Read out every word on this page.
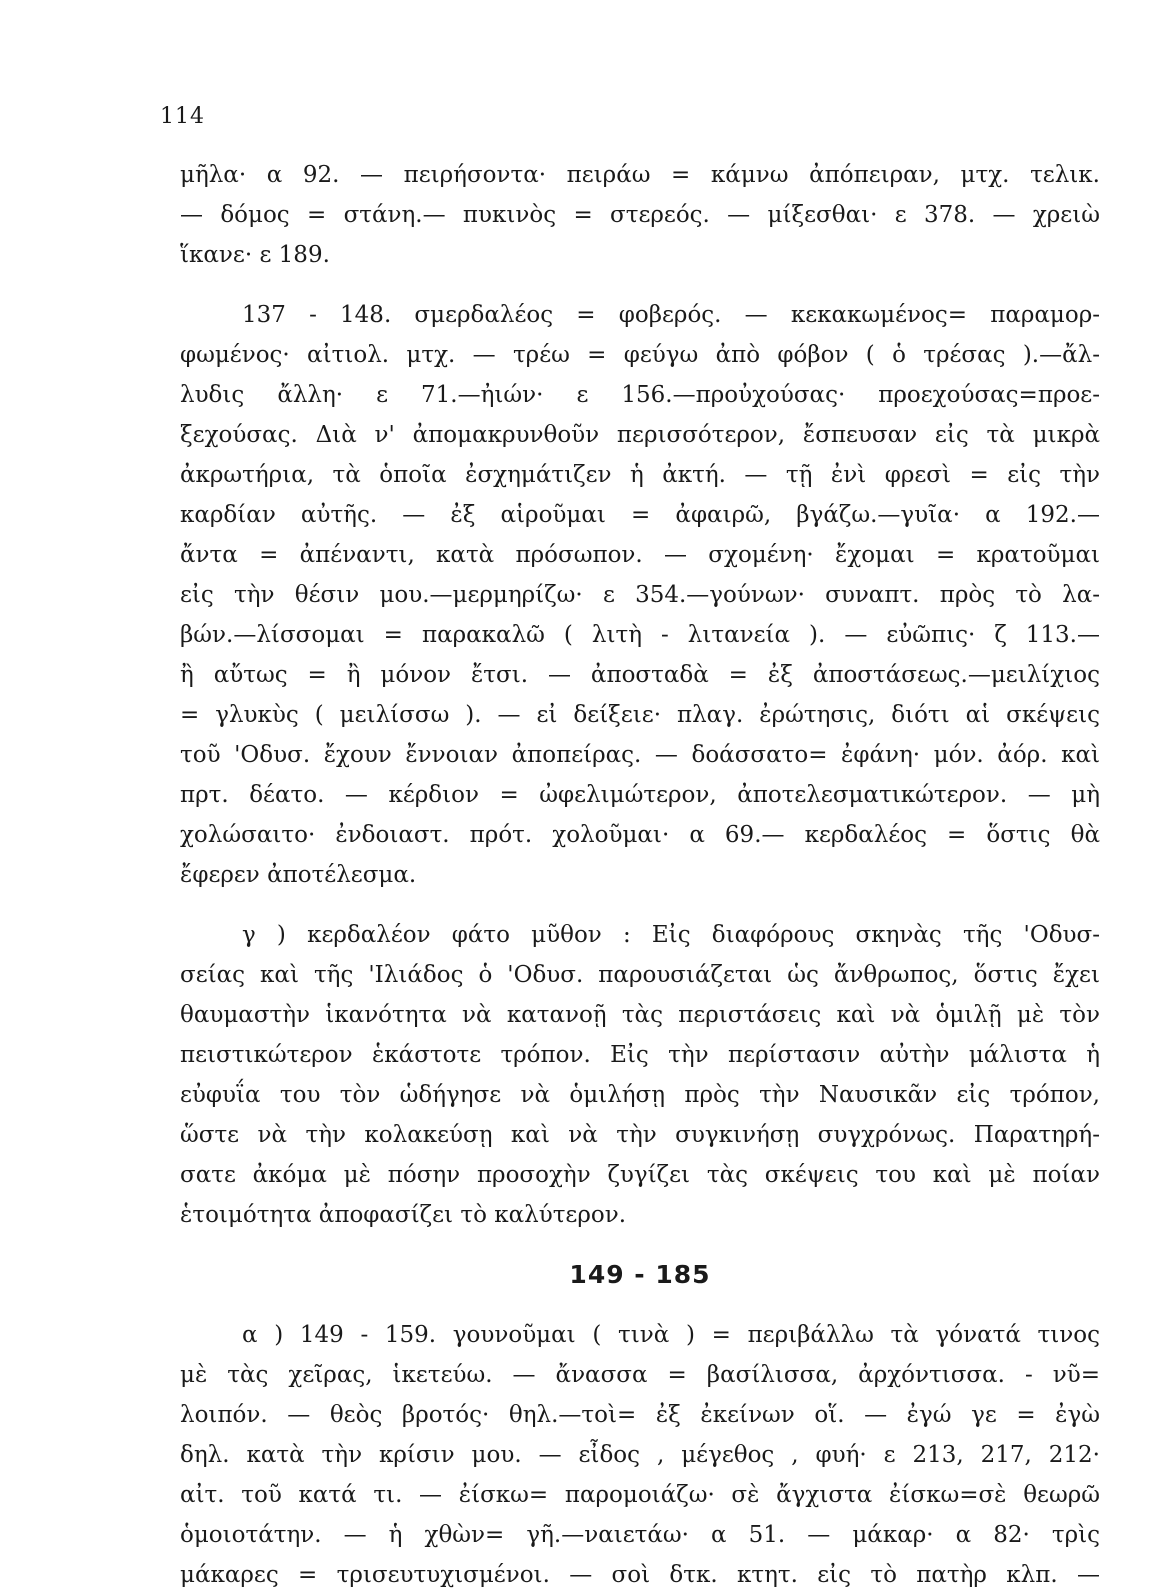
114
μῆλα· α 92. — πειρήσοντα· πειράω = κάμνω ἀπόπειραν, μτχ. τελικ.
— δόμος = στάνη.— πυκινὸς = στερεός. — μίξεσθαι· ε 378. — χρειὼ
ἵκανε· ε 189.
137 - 148. σμερδαλέος = φοβερός. — κεκακωμένος= παραμορ-
φωμένος· αἰτιολ. μτχ. — τρέω = φεύγω ἀπὸ φόβον ( ὁ τρέσας ).—ἄλ-
λυδις ἄλλη· ε 71.—ἠιών· ε 156.—προὐχούσας· προεχούσας=προε-
ξεχούσας. Διὰ ν' ἀπομακρυνθοῦν περισσότερον, ἔσπευσαν εἰς τὰ μικρὰ
ἀκρωτήρια, τὰ ὁποῖα ἐσχημάτιζεν ἡ ἀκτή. — τῇ ἐνὶ φρεσὶ = εἰς τὴν
καρδίαν αὐτῆς. — ἐξ αἱροῦμαι = ἀφαιρῶ, βγάζω.—γυῖα· α 192.—
ἄντα = ἀπέναντι, κατὰ πρόσωπον. — σχομένη· ἔχομαι = κρατοῦμαι
εἰς τὴν θέσιν μου.—μερμηρίζω· ε 354.—γούνων· συναπτ. πρὸς τὸ λα-
βών.—λίσσομαι = παρακαλῶ ( λιτὴ - λιτανεία ). — εὐῶπις· ζ 113.—
ἢ αὔτως = ἢ μόνον ἔτσι. — ἀποσταδὰ = ἐξ ἀποστάσεως.—μειλίχιος
= γλυκὺς ( μειλίσσω ). — εἰ δείξειε· πλαγ. ἐρώτησις, διότι αἱ σκέψεις
τοῦ 'Οδυσ. ἔχουν ἔννοιαν ἀποπείρας. — δοάσσατο= ἐφάνη· μόν. ἀόρ. καὶ
πρτ. δέατο. — κέρδιον = ὠφελιμώτερον, ἀποτελεσματικώτερον. — μὴ
χολώσαιτο· ἐνδοιαστ. πρότ. χολοῦμαι· α 69.— κερδαλέος = ὅστις θὰ
ἔφερεν ἀποτέλεσμα.
γ ) κερδαλέον φάτο μῦθον : Εἰς διαφόρους σκηνὰς τῆς 'Οδυσ-
σείας καὶ τῆς 'Ιλιάδος ὁ 'Οδυσ. παρουσιάζεται ὡς ἄνθρωπος, ὅστις ἔχει
θαυμαστὴν ἱκανότητα νὰ κατανοῇ τὰς περιστάσεις καὶ νὰ ὁμιλῇ μὲ τὸν
πειστικώτερον ἑκάστοτε τρόπον. Εἰς τὴν περίστασιν αὐτὴν μάλιστα ἡ
εὐφυΐα του τὸν ὡδήγησε νὰ ὁμιλήσῃ πρὸς τὴν Ναυσικᾶν εἰς τρόπον,
ὥστε νὰ τὴν κολακεύσῃ καὶ νὰ τὴν συγκινήσῃ συγχρόνως. Παρατηρή-
σατε ἀκόμα μὲ πόσην προσοχὴν ζυγίζει τὰς σκέψεις του καὶ μὲ ποίαν
ἑτοιμότητα ἀποφασίζει τὸ καλύτερον.
149 - 185
α ) 149 - 159. γουνοῦμαι ( τινὰ ) = περιβάλλω τὰ γόνατά τινος
μὲ τὰς χεῖρας, ἱκετεύω. — ἄνασσα = βασίλισσα, ἀρχόντισσα. - νῦ=
λοιπόν. — θεὸς βροτός· θηλ.—τοὶ= ἐξ ἐκείνων οἵ. — ἐγώ γε = ἐγὼ
δηλ. κατὰ τὴν κρίσιν μου. — εἶδος , μέγεθος , φυή· ε 213, 217, 212·
αἰτ. τοῦ κατά τι. — ἐίσκω= παρομοιάζω· σὲ ἄγχιστα ἐίσκω=σὲ θεωρῶ
ὁμοιοτάτην. — ἡ χθὼν= γῆ.—ναιετάω· α 51. — μάκαρ· α 82· τρὶς
μάκαρες = τρισευτυχισμένοι. — σοὶ δτκ. κτητ. εἰς τὸ πατὴρ κλπ. —
